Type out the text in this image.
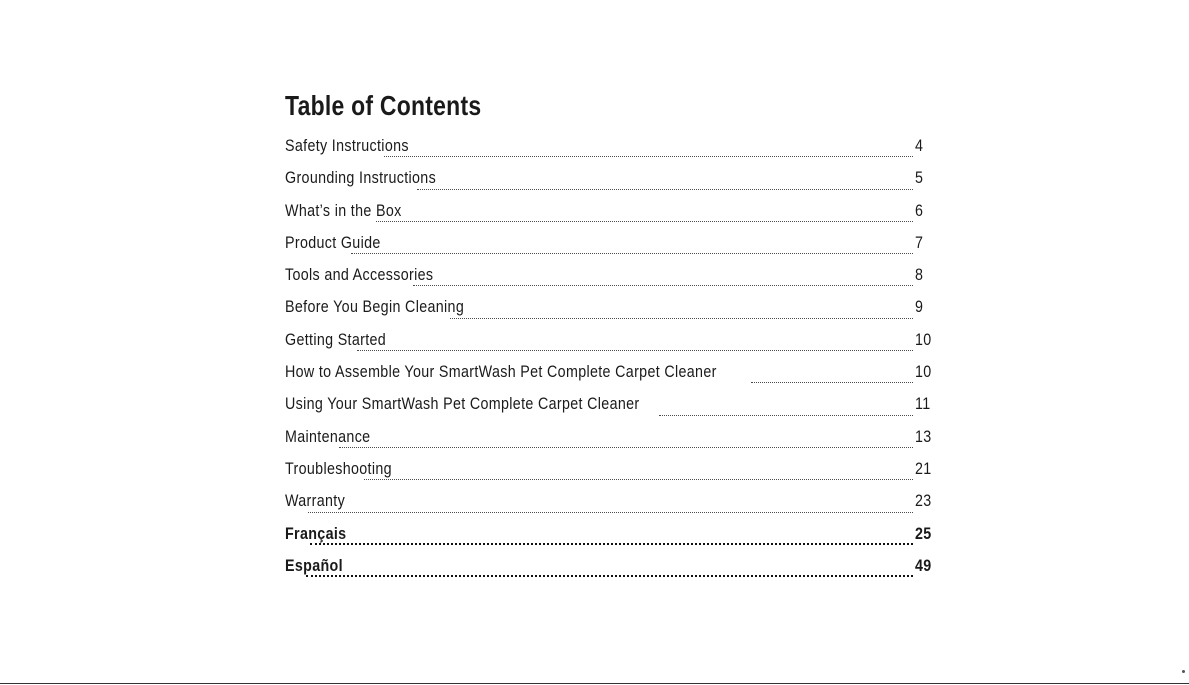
Table of Contents
Safety Instructions	4
Grounding Instructions	5
What’s in the Box	6
Product Guide	7
Tools and Accessories	8
Before You Begin Cleaning	9
Getting Started	10
How to Assemble Your SmartWash Pet Complete Carpet Cleaner	10
Using Your SmartWash Pet Complete Carpet Cleaner	11
Maintenance	13
Troubleshooting	21
Warranty	23
Français	25
Español	49
